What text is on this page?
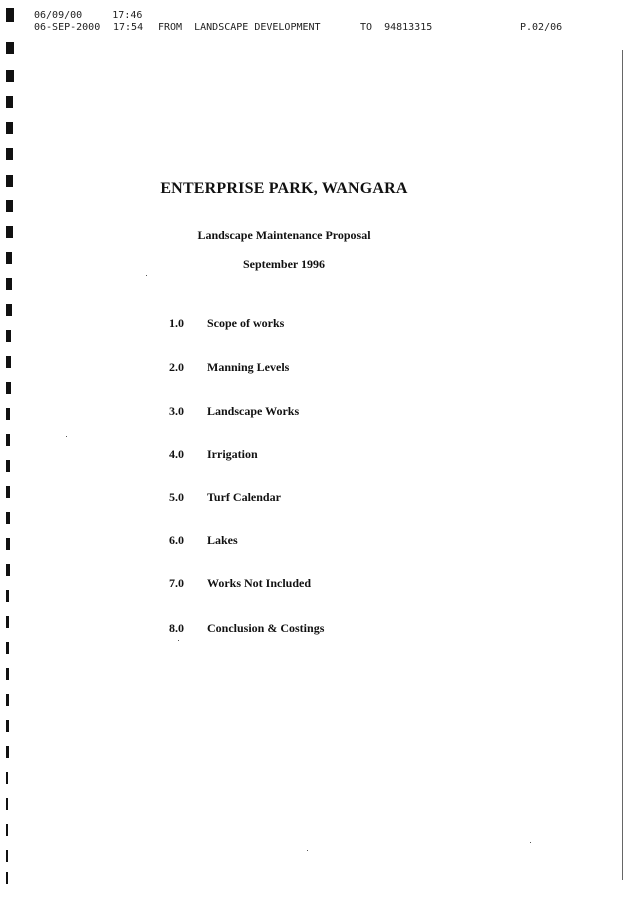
06/09/00	17:46

06-SEP-2000

17:54

FROM  LANDSCAPE DEVELOPMENT

	TO  94813315

	P.02/06

ENTERPRISE PARK, WANGARA
Landscape Maintenance Proposal
September 1996
1.0 Scope of works
2.0 Manning Levels
3.0 Landscape Works
4.0 Irrigation
5.0 Turf Calendar
6.0 Lakes
7.0 Works Not Included
8.0 Conclusion & Costings
